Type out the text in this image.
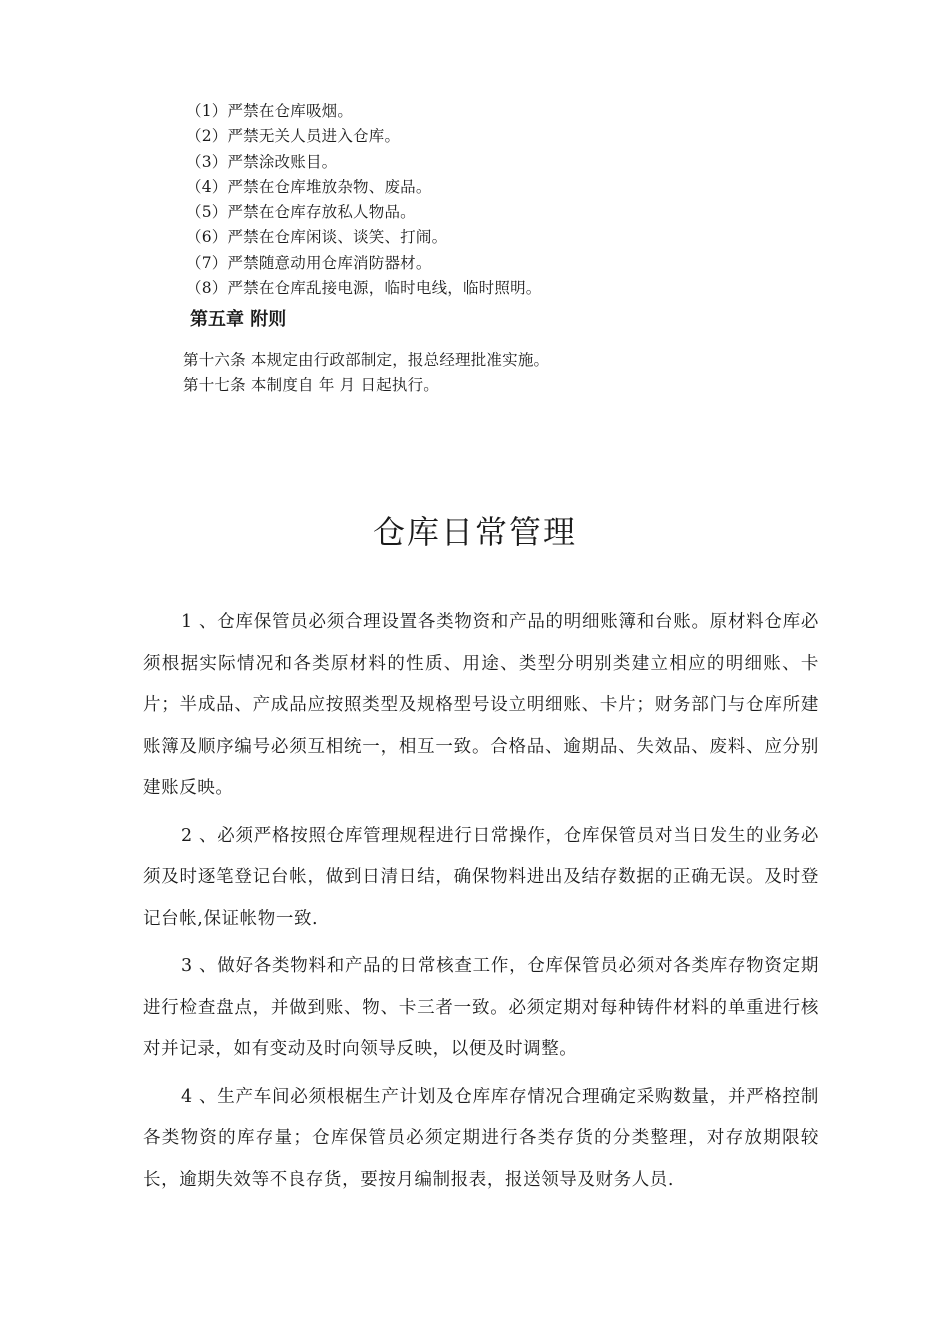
（1）严禁在仓库吸烟。
（2）严禁无关人员进入仓库。
（3）严禁涂改账目。
（4）严禁在仓库堆放杂物、废品。
（5）严禁在仓库存放私人物品。
（6）严禁在仓库闲谈、谈笑、打闹。
（7）严禁随意动用仓库消防器材。
（8）严禁在仓库乱接电源，临时电线，临时照明。
第五章 附则

第十六条 本规定由行政部制定，报总经理批准实施。

第十七条 本制度自 年 月 日起执行。

仓库日常管理

1 、仓库保管员必须合理设置各类物资和产品的明细账簿和台账。原材料仓库必须根据实际情况和各类原材料的性质、用途、类型分明别类建立相应的明细账、卡片；半成品、产成品应按照类型及规格型号设立明细账、卡片；财务部门与仓库所建账簿及顺序编号必须互相统一，相互一致。合格品、逾期品、失效品、废料、应分别建账反映。

2 、必须严格按照仓库管理规程进行日常操作，仓库保管员对当日发生的业务必须及时逐笔登记台帐，做到日清日结，确保物料进出及结存数据的正确无误。及时登记台帐,保证帐物一致.

3 、做好各类物料和产品的日常核查工作，仓库保管员必须对各类库存物资定期进行检查盘点，并做到账、物、卡三者一致。必须定期对每种铸件材料的单重进行核对并记录，如有变动及时向领导反映，以便及时调整。

4 、生产车间必须根椐生产计划及仓库库存情况合理确定采购数量，并严格控制各类物资的库存量；仓库保管员必须定期进行各类存货的分类整理，对存放期限较长，逾期失效等不良存货，要按月编制报表，报送领导及财务人员.
